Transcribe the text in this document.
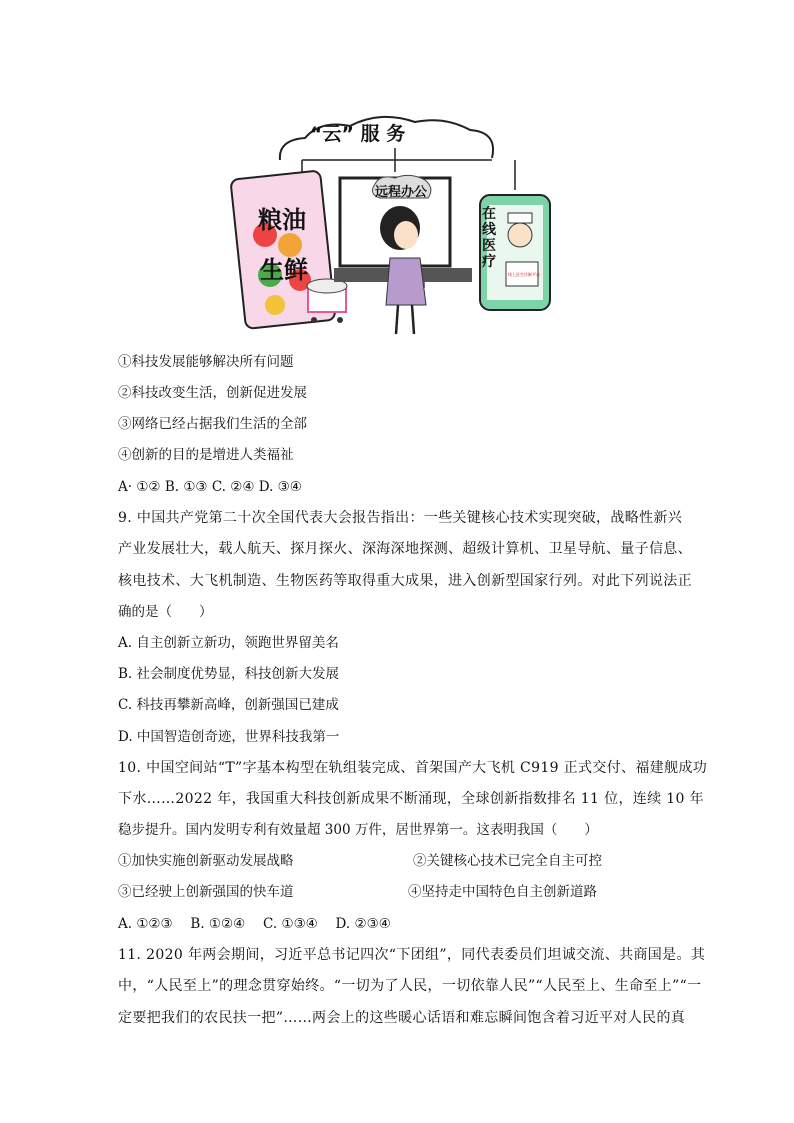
“云” 服 务
粮油
生鲜
远程办公
在
线
医
疗
线上医生诊断平台
①科技发展能够解决所有问题
②科技改变生活，创新促进发展
③网络已经占据我们生活的全部
④创新的目的是增进人类福祉
A· ①② B. ①③ C. ②④ D. ③④
9. 中国共产党第二十次全国代表大会报告指出：一些关键核心技术实现突破，战略性新兴
产业发展壮大，载人航天、探月探火、深海深地探测、超级计算机、卫星导航、量子信息、
核电技术、大飞机制造、生物医药等取得重大成果，进入创新型国家行列。对此下列说法正
确的是（　　）
A. 自主创新立新功，领跑世界留美名
B. 社会制度优势显，科技创新大发展
C. 科技再攀新高峰，创新强国已建成
D. 中国智造创奇迹，世界科技我第一
10. 中国空间站“T”字基本构型在轨组装完成、首架国产大飞机 C919 正式交付、福建舰成功
下水……2022 年，我国重大科技创新成果不断涌现，全球创新指数排名 11 位，连续 10 年
稳步提升。国内发明专利有效量超 300 万件，居世界第一。这表明我国（　　）
①加快实施创新驱动发展战略	②关键核心技术已完全自主可控
③已经驶上创新强国的快车道	④坚持走中国特色自主创新道路
A. ①②③　 B. ①②④　 C. ①③④　 D. ②③④
11. 2020 年两会期间，习近平总书记四次“下团组”，同代表委员们坦诚交流、共商国是。其
中，“人民至上”的理念贯穿始终。“一切为了人民，一切依靠人民”“人民至上、生命至上”“一
定要把我们的农民扶一把”……两会上的这些暖心话语和难忘瞬间饱含着习近平对人民的真
